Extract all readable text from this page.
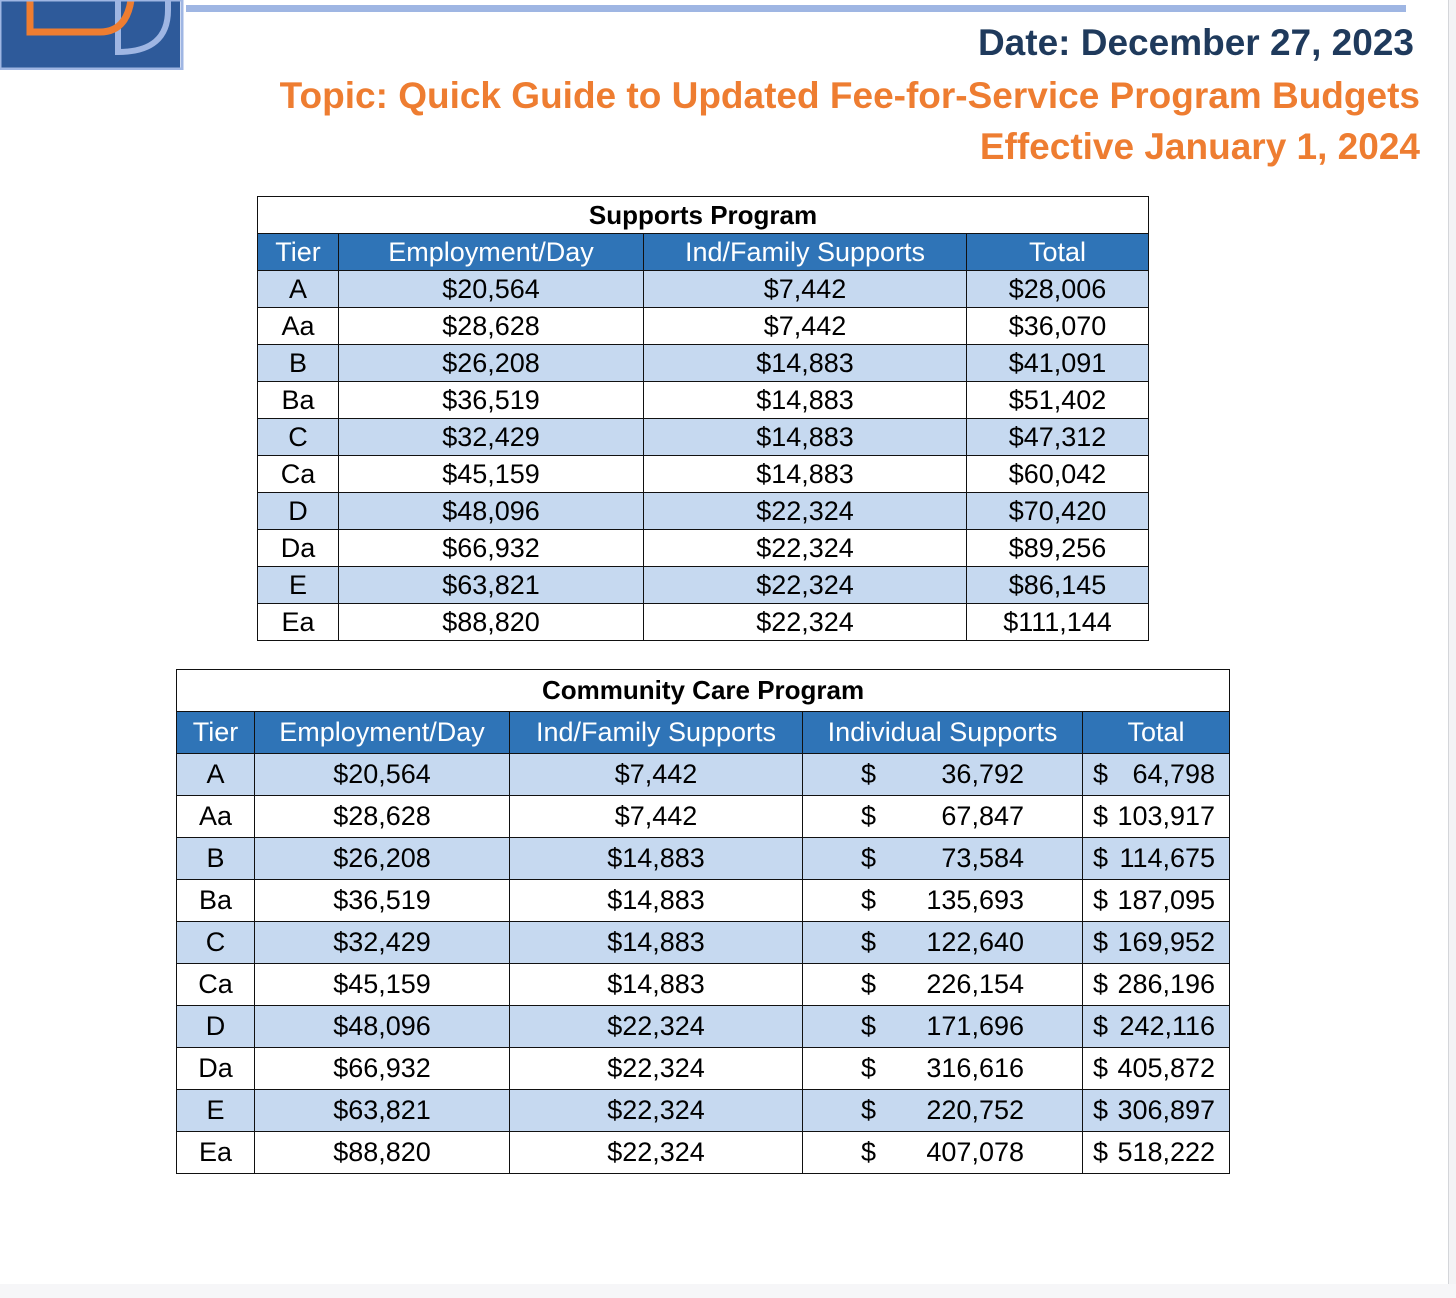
Date: December 27, 2023
Topic: Quick Guide to Updated Fee-for-Service Program Budgets
Effective January 1, 2024
Supports Program			
Tier	Employment/Day	Ind/Family Supports	Total
A	$20,564	$7,442	$28,006
Aa	$28,628	$7,442	$36,070
B	$26,208	$14,883	$41,091
Ba	$36,519	$14,883	$51,402
C	$32,429	$14,883	$47,312
Ca	$45,159	$14,883	$60,042
D	$48,096	$22,324	$70,420
Da	$66,932	$22,324	$89,256
E	$63,821	$22,324	$86,145
Ea	$88,820	$22,324	$111,144
Community Care Program				
Tier	Employment/Day	Ind/Family Supports	Individual Supports	Total
A	$20,564	$7,442	$ 36,792	$ 64,798

Aa	$28,628	$7,442	$ 67,847	$ 103,917

B	$26,208	$14,883	$ 73,584	$ 114,675

Ba	$36,519	$14,883	$ 135,693	$ 187,095

C	$32,429	$14,883	$ 122,640	$ 169,952

Ca	$45,159	$14,883	$ 226,154	$ 286,196

D	$48,096	$22,324	$ 171,696	$ 242,116

Da	$66,932	$22,324	$ 316,616	$ 405,872

E	$63,821	$22,324	$ 220,752	$ 306,897

Ea	$88,820	$22,324	$ 407,078	$ 518,222
